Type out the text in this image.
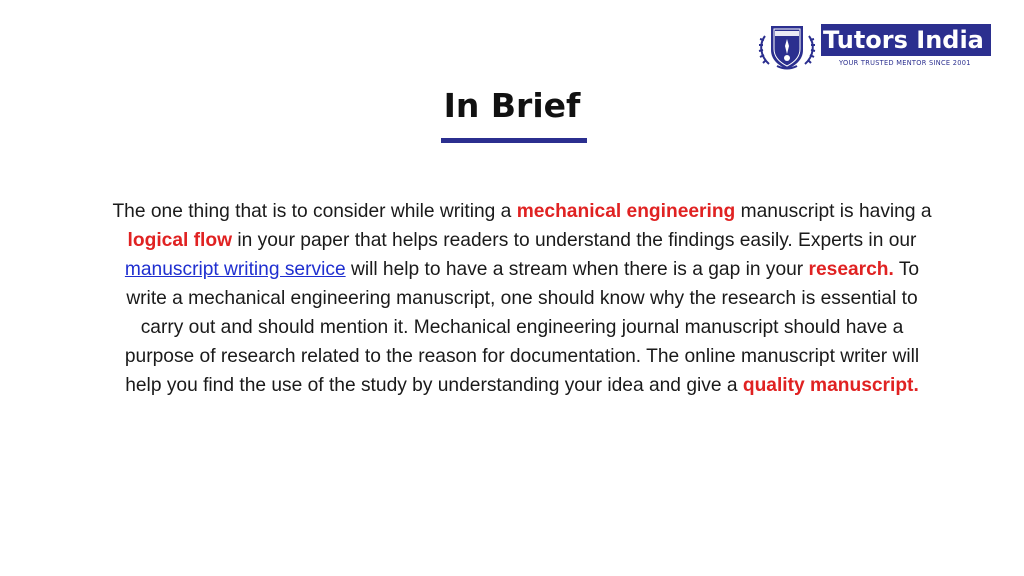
Tutors India
YOUR TRUSTED MENTOR SINCE 2001
In Brief
The one thing that is to consider while writing a mechanical engineering manuscript is having a logical flow in your paper that helps readers to understand the findings easily. Experts in our manuscript writing service will help to have a stream when there is a gap in your research. To write a mechanical engineering manuscript, one should know why the research is essential to carry out and should mention it. Mechanical engineering journal manuscript should have a purpose of research related to the reason for documentation. The online manuscript writer will help you find the use of the study by understanding your idea and give a quality manuscript.
